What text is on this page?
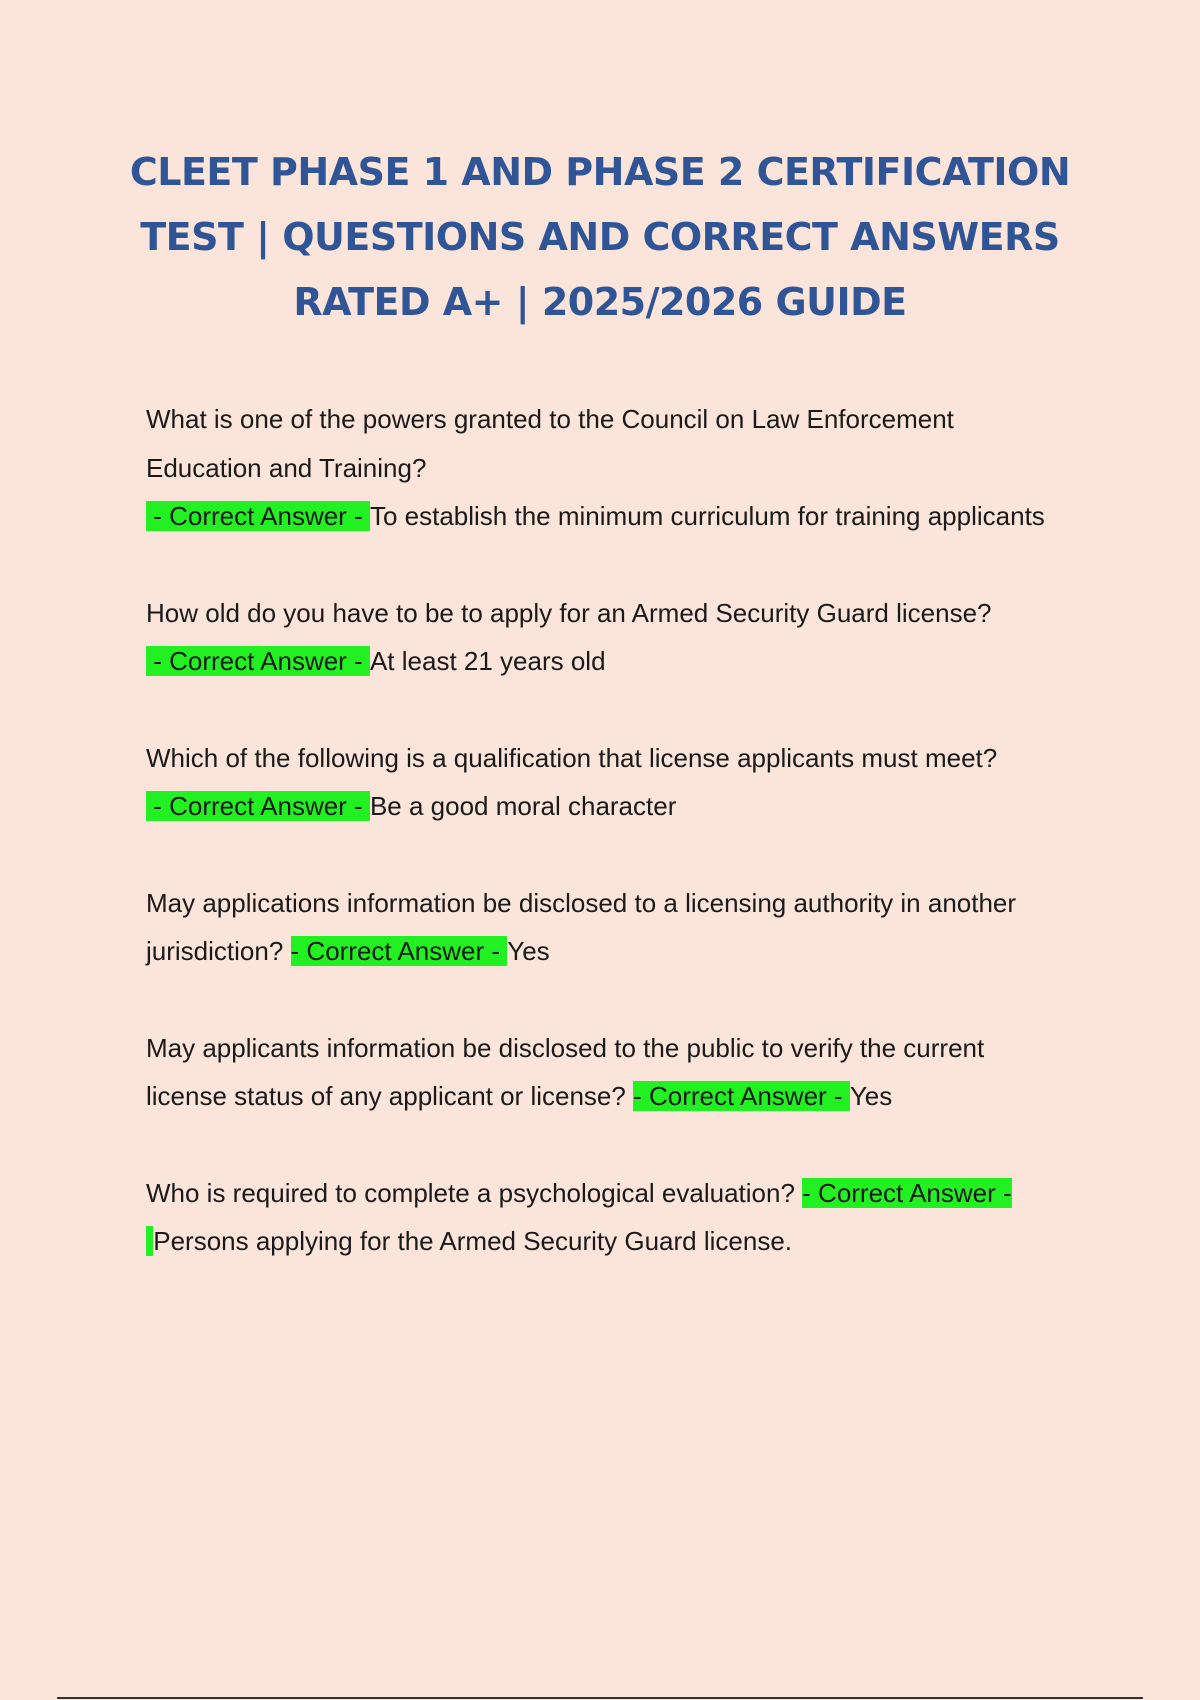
CLEET PHASE 1 AND PHASE 2 CERTIFICATION TEST | QUESTIONS AND CORRECT ANSWERS RATED A+ | 2025/2026 GUIDE

What is one of the powers granted to the Council on Law Enforcement Education and Training?
- Correct Answer - To establish the minimum curriculum for training applicants

How old do you have to be to apply for an Armed Security Guard license?
- Correct Answer - At least 21 years old

Which of the following is a qualification that license applicants must meet?
- Correct Answer - Be a good moral character

May applications information be disclosed to a licensing authority in another jurisdiction? - Correct Answer - Yes

May applicants information be disclosed to the public to verify the current license status of any applicant or license? - Correct Answer - Yes

Who is required to complete a psychological evaluation? - Correct Answer - Persons applying for the Armed Security Guard license.
